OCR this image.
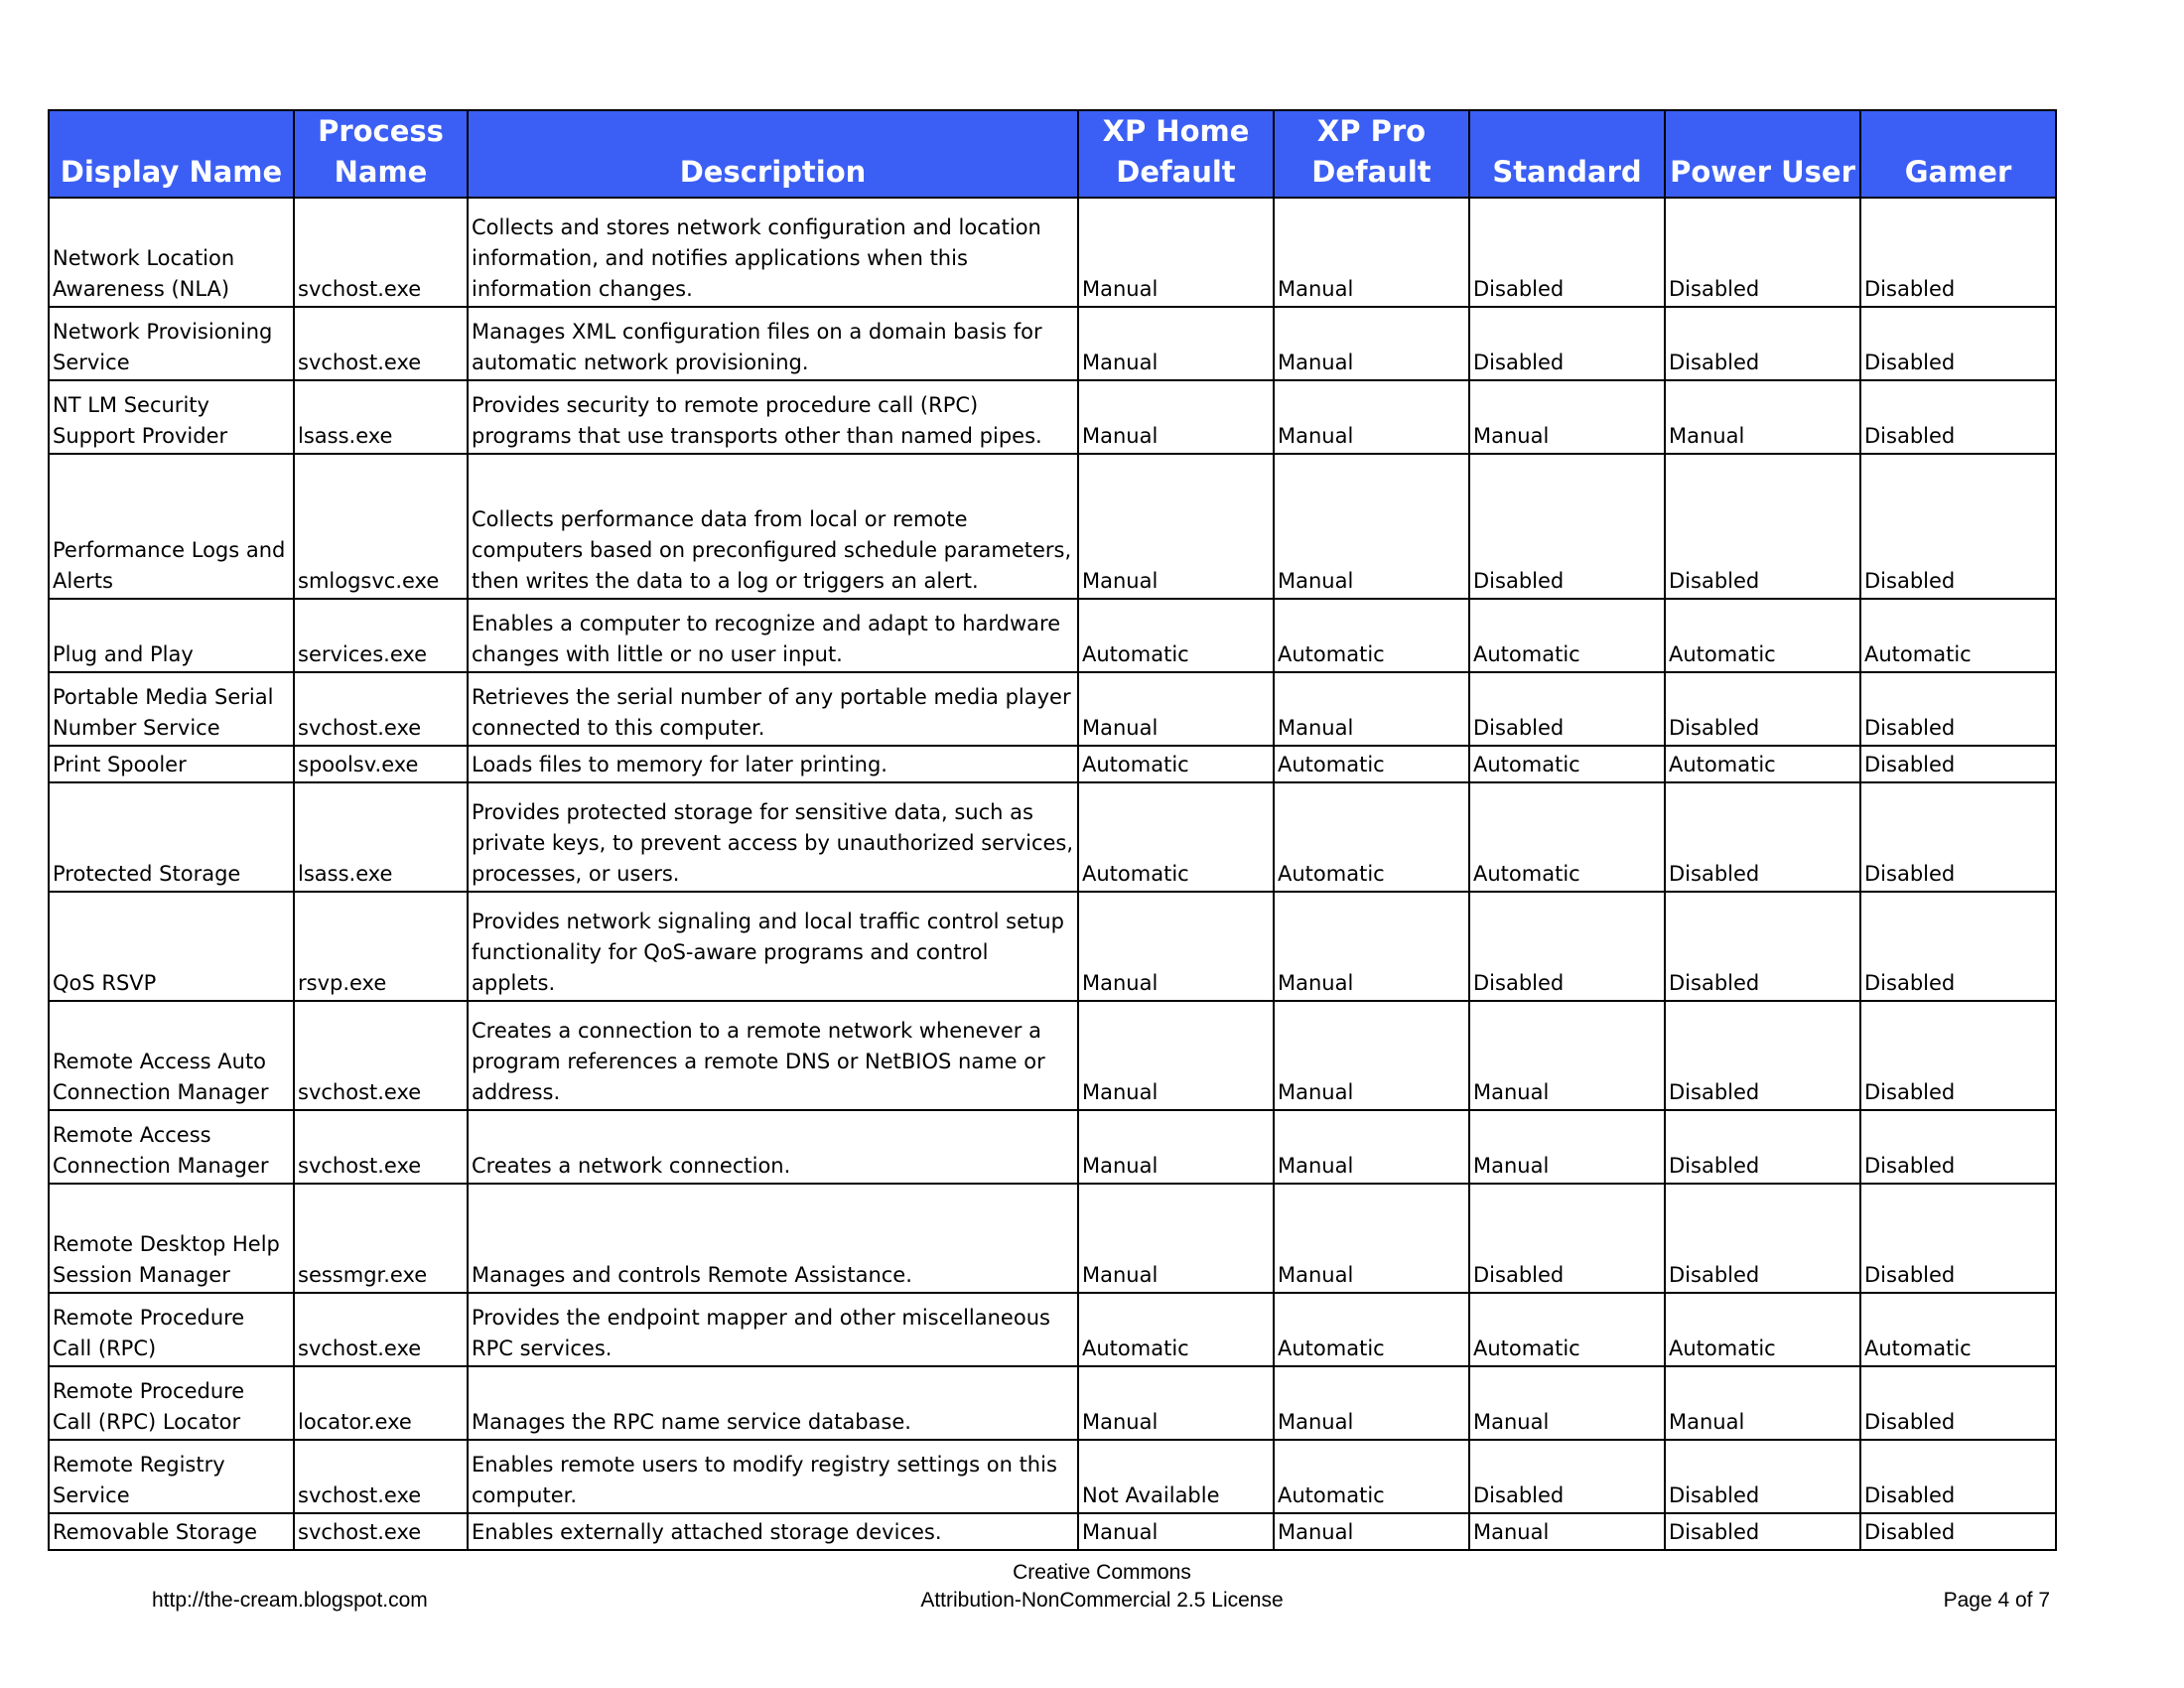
Display Name	Process Name	Description	XP Home Default	XP Pro Default	Standard	Power User	Gamer
Network Location Awareness (NLA)	svchost.exe	Collects and stores network configuration and location information, and notifies applications when this information changes.	Manual	Manual	Disabled	Disabled	Disabled
Network Provisioning Service	svchost.exe	Manages XML configuration files on a domain basis for automatic network provisioning.	Manual	Manual	Disabled	Disabled	Disabled
NT LM Security Support Provider	lsass.exe	Provides security to remote procedure call (RPC) programs that use transports other than named pipes.	Manual	Manual	Manual	Manual	Disabled
Performance Logs and Alerts	smlogsvc.exe	Collects performance data from local or remote computers based on preconfigured schedule parameters, then writes the data to a log or triggers an alert.	Manual	Manual	Disabled	Disabled	Disabled
Plug and Play	services.exe	Enables a computer to recognize and adapt to hardware changes with little or no user input.	Automatic	Automatic	Automatic	Automatic	Automatic
Portable Media Serial Number Service	svchost.exe	Retrieves the serial number of any portable media player connected to this computer.	Manual	Manual	Disabled	Disabled	Disabled
Print Spooler	spoolsv.exe	Loads files to memory for later printing.	Automatic	Automatic	Automatic	Automatic	Disabled
Protected Storage	lsass.exe	Provides protected storage for sensitive data, such as private keys, to prevent access by unauthorized services, processes, or users.	Automatic	Automatic	Automatic	Disabled	Disabled
QoS RSVP	rsvp.exe	Provides network signaling and local traffic control setup functionality for QoS-aware programs and control applets.	Manual	Manual	Disabled	Disabled	Disabled
Remote Access Auto Connection Manager	svchost.exe	Creates a connection to a remote network whenever a program references a remote DNS or NetBIOS name or address.	Manual	Manual	Manual	Disabled	Disabled
Remote Access Connection Manager	svchost.exe	Creates a network connection.	Manual	Manual	Manual	Disabled	Disabled
Remote Desktop Help Session Manager	sessmgr.exe	Manages and controls Remote Assistance.	Manual	Manual	Disabled	Disabled	Disabled
Remote Procedure Call (RPC)	svchost.exe	Provides the endpoint mapper and other miscellaneous RPC services.	Automatic	Automatic	Automatic	Automatic	Automatic
Remote Procedure Call (RPC) Locator	locator.exe	Manages the RPC name service database.	Manual	Manual	Manual	Manual	Disabled
Remote Registry Service	svchost.exe	Enables remote users to modify registry settings on this computer.	Not Available	Automatic	Disabled	Disabled	Disabled
Removable Storage	svchost.exe	Enables externally attached storage devices.	Manual	Manual	Manual	Disabled	Disabled
http://the-cream.blogspot.com
Creative Commons
Attribution-NonCommercial 2.5 License	Page 4 of 7
